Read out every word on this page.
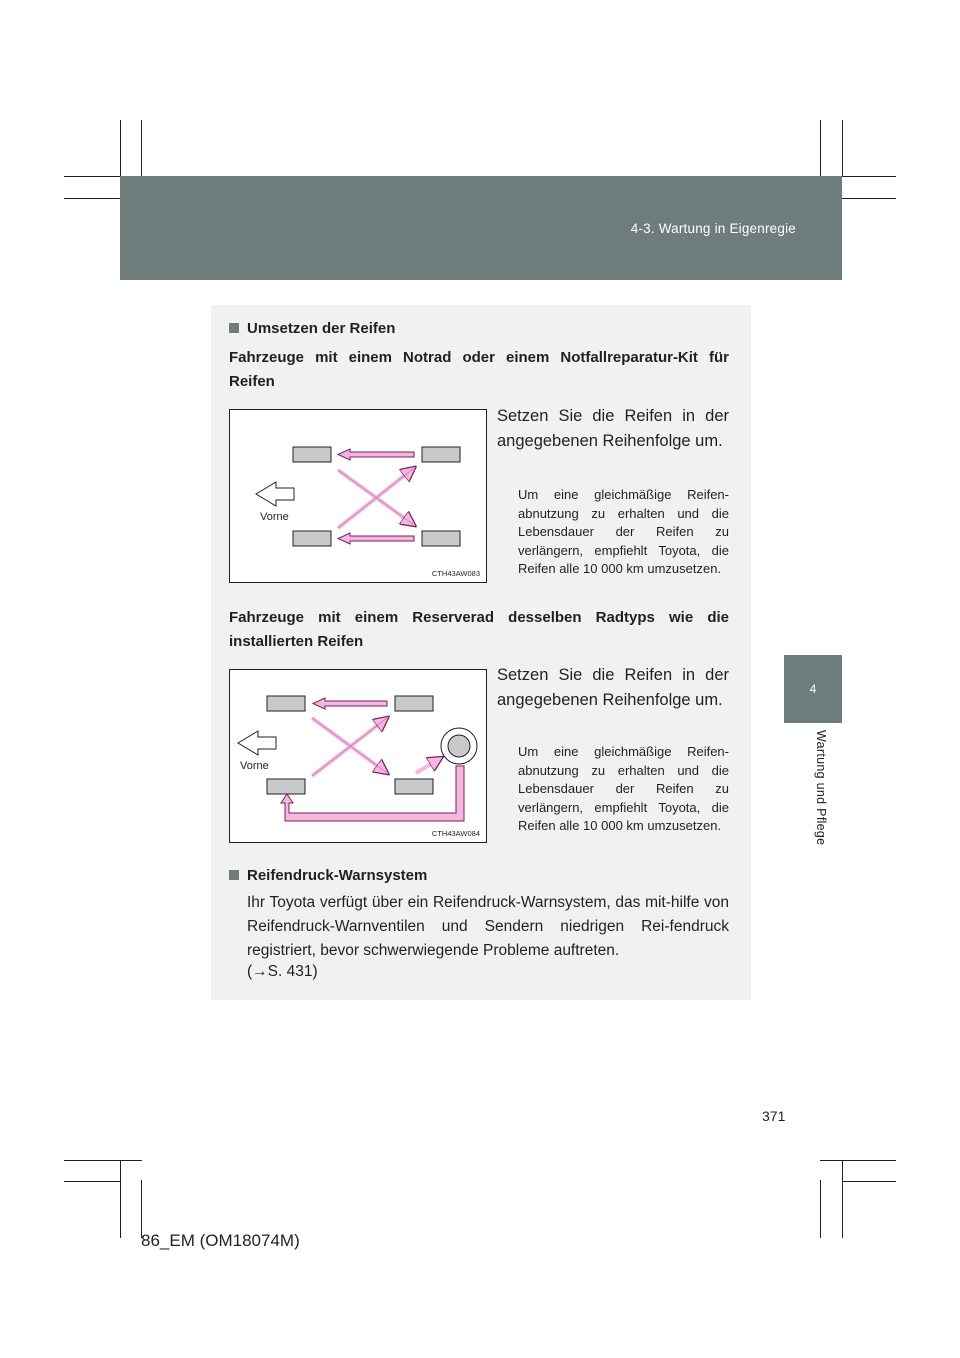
4-3. Wartung in Eigenregie
4
Wartung und Pflege
Umsetzen der Reifen
Fahrzeuge mit einem Notrad oder einem Notfallreparatur-Kit für Reifen
Vorne
CTH43AW083
Setzen Sie die Reifen in der angegebenen Reihenfolge um.
Um eine gleichmäßige Reifen-abnutzung zu erhalten und die Lebensdauer der Reifen zu verlängern, empfiehlt Toyota, die Reifen alle 10 000 km umzusetzen.
Fahrzeuge mit einem Reserverad desselben Radtyps wie die installierten Reifen
Vorne
CTH43AW084
Setzen Sie die Reifen in der angegebenen Reihenfolge um.
Um eine gleichmäßige Reifen-abnutzung zu erhalten und die Lebensdauer der Reifen zu verlängern, empfiehlt Toyota, die Reifen alle 10 000 km umzusetzen.
Reifendruck-Warnsystem
Ihr Toyota verfügt über ein Reifendruck-Warnsystem, das mit-hilfe von Reifendruck-Warnventilen und Sendern niedrigen Rei-fendruck registriert, bevor schwerwiegende Probleme auftreten.
(→S. 431)
371
86_EM (OM18074M)
